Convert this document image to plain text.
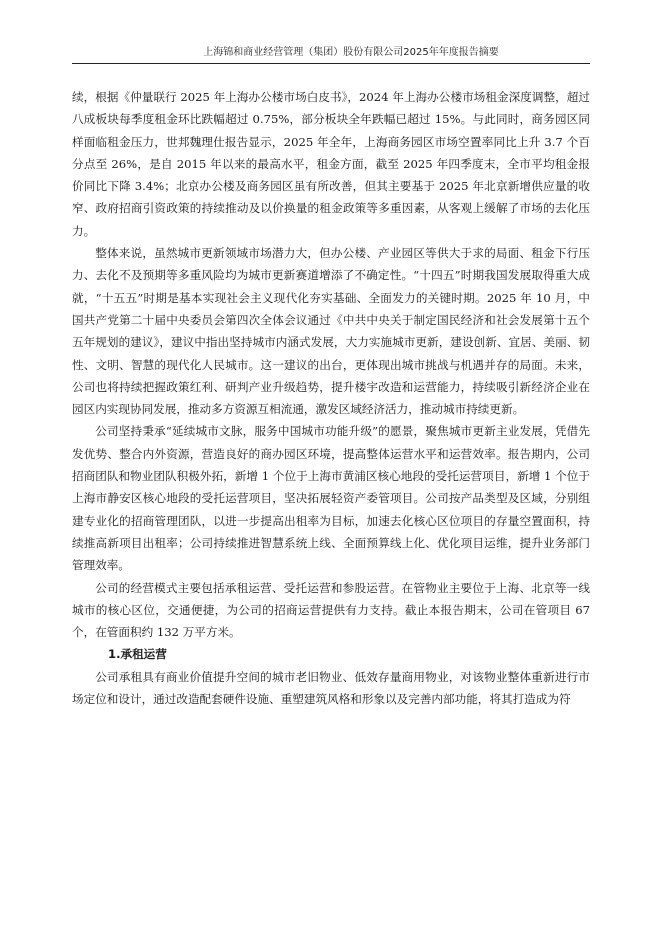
上海锦和商业经营管理（集团）股份有限公司2025年年度报告摘要

续，根据《仲量联行 2025 年上海办公楼市场白皮书》，2024 年上海办公楼市场租金深度调整，超过八成板块每季度租金环比跌幅超过 0.75%，部分板块全年跌幅已超过 15%。与此同时，商务园区同样面临租金压力，世邦魏理仕报告显示，2025 年全年，上海商务园区市场空置率同比上升 3.7 个百分点至 26%，是自 2015 年以来的最高水平，租金方面，截至 2025 年四季度末，全市平均租金报价同比下降 3.4%；北京办公楼及商务园区虽有所改善，但其主要基于 2025 年北京新增供应量的收窄、政府招商引资政策的持续推动及以价换量的租金政策等多重因素，从客观上缓解了市场的去化压力。

整体来说，虽然城市更新领域市场潜力大，但办公楼、产业园区等供大于求的局面、租金下行压力、去化不及预期等多重风险均为城市更新赛道增添了不确定性。“十四五”时期我国发展取得重大成就，“十五五”时期是基本实现社会主义现代化夯实基础、全面发力的关键时期。2025 年 10 月，中国共产党第二十届中央委员会第四次全体会议通过《中共中央关于制定国民经济和社会发展第十五个五年规划的建议》，建议中指出坚持城市内涵式发展，大力实施城市更新，建设创新、宜居、美丽、韧性、文明、智慧的现代化人民城市。这一建议的出台，更体现出城市挑战与机遇并存的局面。未来，公司也将持续把握政策红利、研判产业升级趋势，提升楼宇改造和运营能力，持续吸引新经济企业在园区内实现协同发展，推动多方资源互相流通，激发区域经济活力，推动城市持续更新。

公司坚持秉承“延续城市文脉，服务中国城市功能升级”的愿景，聚焦城市更新主业发展，凭借先发优势、整合内外资源，营造良好的商办园区环境，提高整体运营水平和运营效率。报告期内，公司招商团队和物业团队积极外拓，新增 1 个位于上海市黄浦区核心地段的受托运营项目，新增 1 个位于上海市静安区核心地段的受托运营项目，坚决拓展轻资产委管项目。公司按产品类型及区域，分别组建专业化的招商管理团队，以进一步提高出租率为目标，加速去化核心区位项目的存量空置面积，持续推高新项目出租率；公司持续推进智慧系统上线、全面预算线上化、优化项目运维，提升业务部门管理效率。

公司的经营模式主要包括承租运营、受托运营和参股运营。在管物业主要位于上海、北京等一线城市的核心区位，交通便捷，为公司的招商运营提供有力支持。截止本报告期末，公司在管项目 67 个，在管面积约 132 万平方米。

1.承租运营

公司承租具有商业价值提升空间的城市老旧物业、低效存量商用物业，对该物业整体重新进行市场定位和设计，通过改造配套硬件设施、重塑建筑风格和形象以及完善内部功能，将其打造成为符
